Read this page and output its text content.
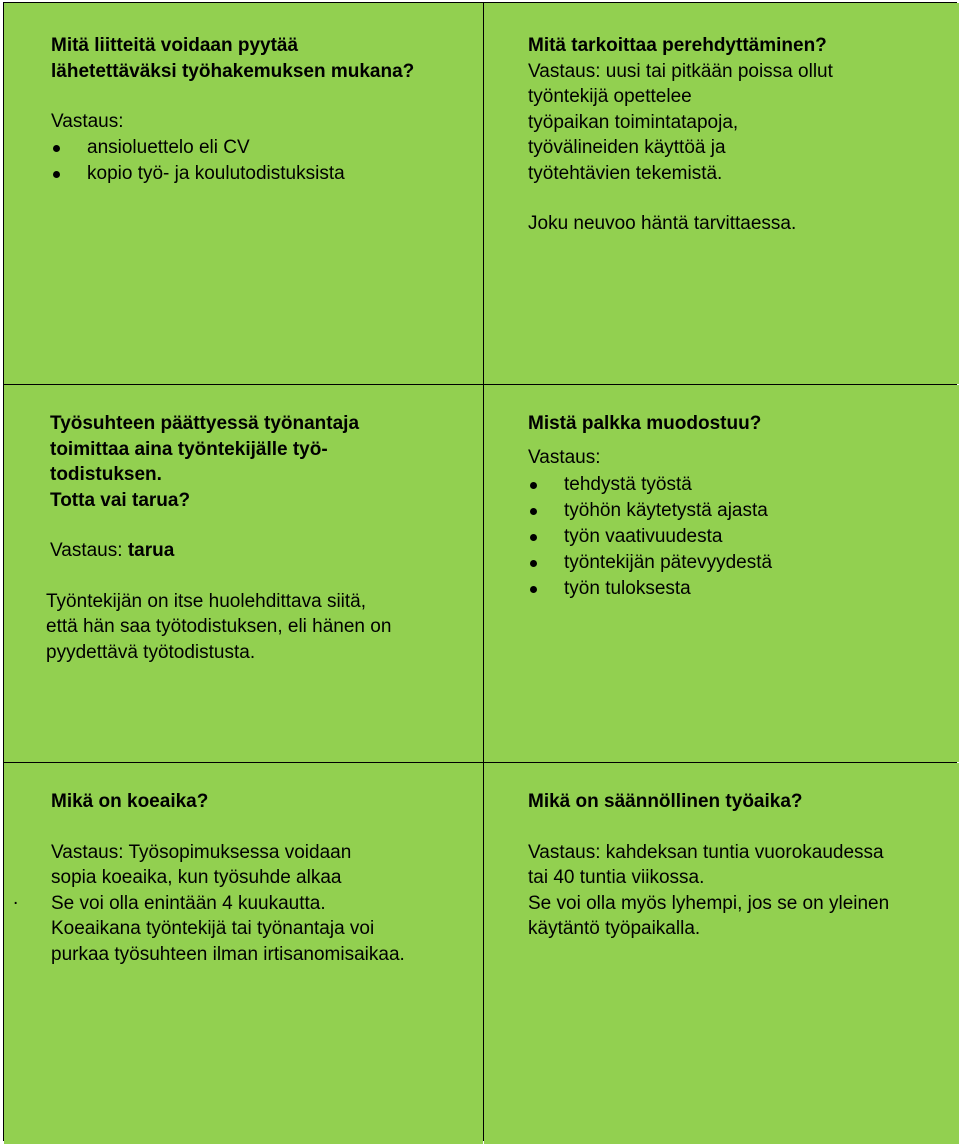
Mitä liitteitä voidaan pyytää
lähetettäväksi työhakemuksen mukana?
Vastaus:
ansioluettelo eli CV
kopio työ- ja koulutodistuksista
Mitä tarkoittaa perehdyttäminen?
Vastaus: uusi tai pitkään poissa ollut
työntekijä opettelee
työpaikan toimintatapoja,
työvälineiden käyttöä ja
työtehtävien tekemistä.
Joku neuvoo häntä tarvittaessa.
Työsuhteen päättyessä työnantaja
toimittaa aina työntekijälle työ-
todistuksen.
Totta vai tarua?
Vastaus: tarua
Työntekijän on itse huolehdittava siitä,
että hän saa työtodistuksen, eli hänen on
pyydettävä työtodistusta.
Mistä palkka muodostuu?
Vastaus:
tehdystä työstä
työhön käytetystä ajasta
työn vaativuudesta
työntekijän pätevyydestä
työn tuloksesta
.
Mikä on koeaika?
Vastaus: Työsopimuksessa voidaan
sopia koeaika, kun työsuhde alkaa
Se voi olla enintään 4 kuukautta.
Koeaikana työntekijä tai työnantaja voi
purkaa työsuhteen ilman irtisanomisaikaa.
Mikä on säännöllinen työaika?
Vastaus: kahdeksan tuntia vuorokaudessa
tai 40 tuntia viikossa.
Se voi olla myös lyhempi, jos se on yleinen
käytäntö työpaikalla.
